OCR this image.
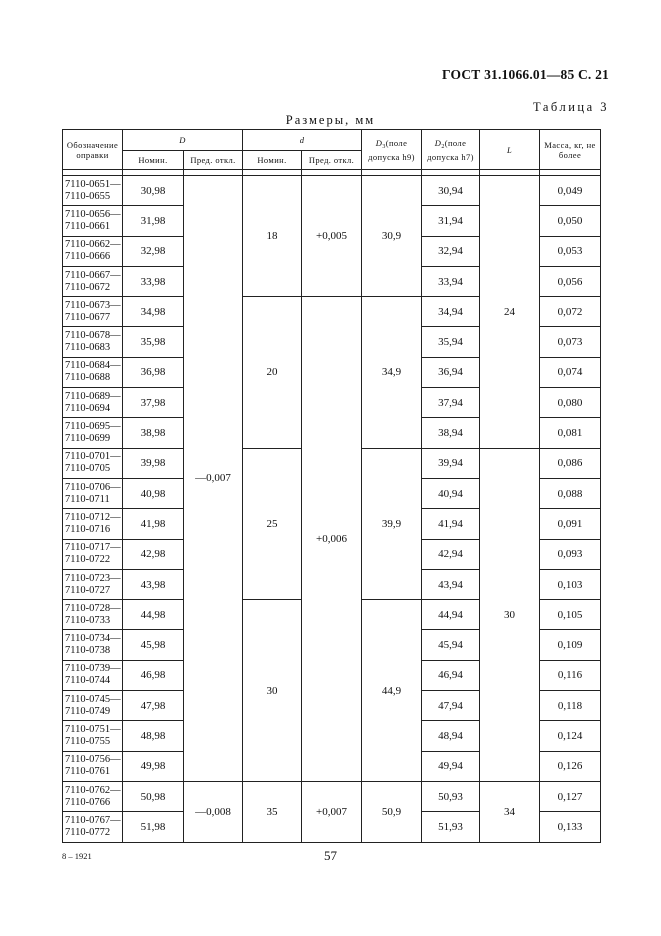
ГОСТ 31.1066.01—85 С. 21
Таблица 3
Размеры, мм
Обозначение оправки	D		d		$D_3(поле$ допуска h9)	$D_2(поле$ допуска h7)	L	Масса, кг, не более
	Номин.	Пред. откл.	Номин.	Пред. откл.				

7110-0651—
7110-0655	30,98	—0,007	18	+0,005	30,9	30,94	24	0,049

7110-0656—
7110-0661	31,98					31,94		0,050

7110-0662—
7110-0666	32,98					32,94		0,053

7110-0667—
7110-0672	33,98					33,94		0,056

7110-0673—
7110-0677	34,98		20	+0,006	34,9	34,94		0,072

7110-0678—
7110-0683	35,98					35,94		0,073

7110-0684—
7110-0688	36,98					36,94		0,074

7110-0689—
7110-0694	37,98					37,94		0,080

7110-0695—
7110-0699	38,98					38,94		0,081

7110-0701—
7110-0705	39,98		25		39,9	39,94	30	0,086

7110-0706—
7110-0711	40,98					40,94		0,088

7110-0712—
7110-0716	41,98					41,94		0,091

7110-0717—
7110-0722	42,98					42,94		0,093

7110-0723—
7110-0727	43,98					43,94		0,103

7110-0728—
7110-0733	44,98		30		44,9	44,94		0,105

7110-0734—
7110-0738	45,98					45,94		0,109

7110-0739—
7110-0744	46,98					46,94		0,116

7110-0745—
7110-0749	47,98					47,94		0,118

7110-0751—
7110-0755	48,98					48,94		0,124

7110-0756—
7110-0761	49,98					49,94		0,126

7110-0762—
7110-0766	50,98	—0,008	35	+0,007	50,9	50,93	34	0,127

7110-0767—
7110-0772	51,98					51,93		0,133
8 – 1921	57
